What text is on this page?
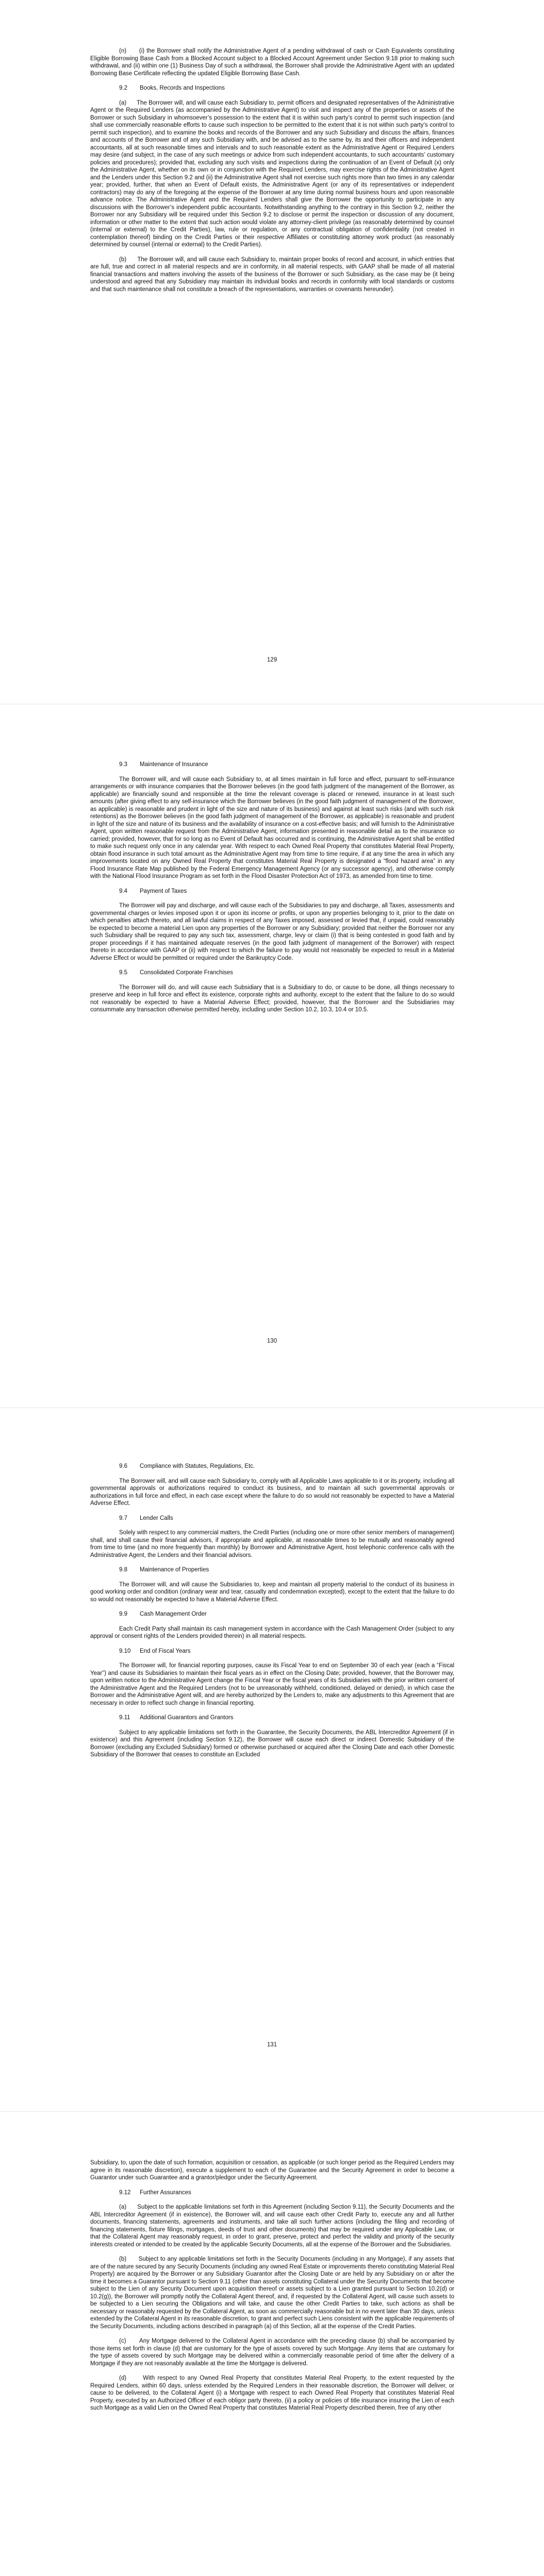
(n)      (i) the Borrower shall notify the Administrative Agent of a pending withdrawal of cash or Cash Equivalents constituting Eligible Borrowing Base Cash from a Blocked Account subject to a Blocked Account Agreement under Section 9.18 prior to making such withdrawal, and (ii) within one (1) Business Day of such a withdrawal, the Borrower shall provide the Administrative Agent with an updated Borrowing Base Certificate reflecting the updated Eligible Borrowing Base Cash.

9.2 Books, Records and Inspections

(a)      The Borrower will, and will cause each Subsidiary to, permit officers and designated representatives of the Administrative Agent or the Required Lenders (as accompanied by the Administrative Agent) to visit and inspect any of the properties or assets of the Borrower or such Subsidiary in whomsoever’s possession to the extent that it is within such party’s control to permit such inspection (and shall use commercially reasonable efforts to cause such inspection to be permitted to the extent that it is not within such party’s control to permit such inspection), and to examine the books and records of the Borrower and any such Subsidiary and discuss the affairs, finances and accounts of the Borrower and of any such Subsidiary with, and be advised as to the same by, its and their officers and independent accountants, all at such reasonable times and intervals and to such reasonable extent as the Administrative Agent or Required Lenders may desire (and subject, in the case of any such meetings or advice from such independent accountants, to such accountants’ customary policies and procedures); provided that, excluding any such visits and inspections during the continuation of an Event of Default (x) only the Administrative Agent, whether on its own or in conjunction with the Required Lenders, may exercise rights of the Administrative Agent and the Lenders under this Section 9.2 and (ii) the Administrative Agent shall not exercise such rights more than two times in any calendar year; provided, further, that when an Event of Default exists, the Administrative Agent (or any of its representatives or independent contractors) may do any of the foregoing at the expense of the Borrower at any time during normal business hours and upon reasonable advance notice. The Administrative Agent and the Required Lenders shall give the Borrower the opportunity to participate in any discussions with the Borrower’s independent public accountants. Notwithstanding anything to the contrary in this Section 9.2, neither the Borrower nor any Subsidiary will be required under this Section 9.2 to disclose or permit the inspection or discussion of any document, information or other matter to the extent that such action would violate any attorney-client privilege (as reasonably determined by counsel (internal or external) to the Credit Parties), law, rule or regulation, or any contractual obligation of confidentiality (not created in contemplation thereof) binding on the Credit Parties or their respective Affiliates or constituting attorney work product (as reasonably determined by counsel (internal or external) to the Credit Parties).

(b)      The Borrower will, and will cause each Subsidiary to, maintain proper books of record and account, in which entries that are full, true and correct in all material respects and are in conformity, in all material respects, with GAAP shall be made of all material financial transactions and matters involving the assets of the business of the Borrower or such Subsidiary, as the case may be (it being understood and agreed that any Subsidiary may maintain its individual books and records in conformity with local standards or customs and that such maintenance shall not constitute a breach of the representations, warranties or covenants hereunder).

129
9.3 Maintenance of Insurance

The Borrower will, and will cause each Subsidiary to, at all times maintain in full force and effect, pursuant to self-insurance arrangements or with insurance companies that the Borrower believes (in the good faith judgment of the management of the Borrower, as applicable) are financially sound and responsible at the time the relevant coverage is placed or renewed, insurance in at least such amounts (after giving effect to any self-insurance which the Borrower believes (in the good faith judgment of management of the Borrower, as applicable) is reasonable and prudent in light of the size and nature of its business) and against at least such risks (and with such risk retentions) as the Borrower believes (in the good faith judgment of management of the Borrower, as applicable) is reasonable and prudent in light of the size and nature of its business and the availability of insurance on a cost-effective basis; and will furnish to the Administrative Agent, upon written reasonable request from the Administrative Agent, information presented in reasonable detail as to the insurance so carried; provided, however, that for so long as no Event of Default has occurred and is continuing, the Administrative Agent shall be entitled to make such request only once in any calendar year. With respect to each Owned Real Property that constitutes Material Real Property, obtain flood insurance in such total amount as the Administrative Agent may from time to time require, if at any time the area in which any improvements located on any Owned Real Property that constitutes Material Real Property is designated a “flood hazard area” in any Flood Insurance Rate Map published by the Federal Emergency Management Agency (or any successor agency), and otherwise comply with the National Flood Insurance Program as set forth in the Flood Disaster Protection Act of 1973, as amended from time to time.

9.4 Payment of Taxes

The Borrower will pay and discharge, and will cause each of the Subsidiaries to pay and discharge, all Taxes, assessments and governmental charges or levies imposed upon it or upon its income or profits, or upon any properties belonging to it, prior to the date on which penalties attach thereto, and all lawful claims in respect of any Taxes imposed, assessed or levied that, if unpaid, could reasonably be expected to become a material Lien upon any properties of the Borrower or any Subsidiary; provided that neither the Borrower nor any such Subsidiary shall be required to pay any such tax, assessment, charge, levy or claim (i) that is being contested in good faith and by proper proceedings if it has maintained adequate reserves (in the good faith judgment of management of the Borrower) with respect thereto in accordance with GAAP or (ii) with respect to which the failure to pay would not reasonably be expected to result in a Material Adverse Effect or would be permitted or required under the Bankruptcy Code.

9.5 Consolidated Corporate Franchises

The Borrower will do, and will cause each Subsidiary that is a Subsidiary to do, or cause to be done, all things necessary to preserve and keep in full force and effect its existence, corporate rights and authority, except to the extent that the failure to do so would not reasonably be expected to have a Material Adverse Effect; provided, however, that the Borrower and the Subsidiaries may consummate any transaction otherwise permitted hereby, including under Section 10.2, 10.3, 10.4 or 10.5.

130
9.6 Compliance with Statutes, Regulations, Etc.

The Borrower will, and will cause each Subsidiary to, comply with all Applicable Laws applicable to it or its property, including all governmental approvals or authorizations required to conduct its business, and to maintain all such governmental approvals or authorizations in full force and effect, in each case except where the failure to do so would not reasonably be expected to have a Material Adverse Effect.

9.7 Lender Calls

Solely with respect to any commercial matters, the Credit Parties (including one or more other senior members of management) shall, and shall cause their financial advisors, if appropriate and applicable, at reasonable times to be mutually and reasonably agreed from time to time (and no more frequently than monthly) by Borrower and Administrative Agent, host telephonic conference calls with the Administrative Agent, the Lenders and their financial advisors.

9.8 Maintenance of Properties

The Borrower will, and will cause the Subsidiaries to, keep and maintain all property material to the conduct of its business in good working order and condition (ordinary wear and tear, casualty and condemnation excepted), except to the extent that the failure to do so would not reasonably be expected to have a Material Adverse Effect.

9.9 Cash Management Order

Each Credit Party shall maintain its cash management system in accordance with the Cash Management Order (subject to any approval or consent rights of the Lenders provided therein) in all material respects.

9.10 End of Fiscal Years

The Borrower will, for financial reporting purposes, cause its Fiscal Year to end on September 30 of each year (each a “Fiscal Year”) and cause its Subsidiaries to maintain their fiscal years as in effect on the Closing Date; provided, however, that the Borrower may, upon written notice to the Administrative Agent change the Fiscal Year or the fiscal years of its Subsidiaries with the prior written consent of the Administrative Agent and the Required Lenders (not to be unreasonably withheld, conditioned, delayed or denied), in which case the Borrower and the Administrative Agent will, and are hereby authorized by the Lenders to, make any adjustments to this Agreement that are necessary in order to reflect such change in financial reporting.

9.11 Additional Guarantors and Grantors

Subject to any applicable limitations set forth in the Guarantee, the Security Documents, the ABL Intercreditor Agreement (if in existence) and this Agreement (including Section 9.12), the Borrower will cause each direct or indirect Domestic Subsidiary of the Borrower (excluding any Excluded Subsidiary) formed or otherwise purchased or acquired after the Closing Date and each other Domestic Subsidiary of the Borrower that ceases to constitute an Excluded

131

Subsidiary, to, upon the date of such formation, acquisition or cessation, as applicable (or such longer period as the Required Lenders may agree in its reasonable discretion), execute a supplement to each of the Guarantee and the Security Agreement in order to become a Guarantor under such Guarantee and a grantor/pledgor under the Security Agreement.

9.12 Further Assurances

(a)      Subject to the applicable limitations set forth in this Agreement (including Section 9.11), the Security Documents and the ABL Intercreditor Agreement (if in existence), the Borrower will, and will cause each other Credit Party to, execute any and all further documents, financing statements, agreements and instruments, and take all such further actions (including the filing and recording of financing statements, fixture filings, mortgages, deeds of trust and other documents) that may be required under any Applicable Law, or that the Collateral Agent may reasonably request, in order to grant, preserve, protect and perfect the validity and priority of the security interests created or intended to be created by the applicable Security Documents, all at the expense of the Borrower and the Subsidiaries.

(b)      Subject to any applicable limitations set forth in the Security Documents (including in any Mortgage), if any assets that are of the nature secured by any Security Documents (including any owned Real Estate or improvements thereto constituting Material Real Property) are acquired by the Borrower or any Subsidiary Guarantor after the Closing Date or are held by any Subsidiary on or after the time it becomes a Guarantor pursuant to Section 9.11 (other than assets constituting Collateral under the Security Documents that become subject to the Lien of any Security Document upon acquisition thereof or assets subject to a Lien granted pursuant to Section 10.2(d) or 10.2(g)), the Borrower will promptly notify the Collateral Agent thereof, and, if requested by the Collateral Agent, will cause such assets to be subjected to a Lien securing the Obligations and will take, and cause the other Credit Parties to take, such actions as shall be necessary or reasonably requested by the Collateral Agent, as soon as commercially reasonable but in no event later than 30 days, unless extended by the Collateral Agent in its reasonable discretion, to grant and perfect such Liens consistent with the applicable requirements of the Security Documents, including actions described in paragraph (a) of this Section, all at the expense of the Credit Parties.

(c)      Any Mortgage delivered to the Collateral Agent in accordance with the preceding clause (b) shall be accompanied by those items set forth in clause (d) that are customary for the type of assets covered by such Mortgage. Any items that are customary for the type of assets covered by such Mortgage may be delivered within a commercially reasonable period of time after the delivery of a Mortgage if they are not reasonably available at the time the Mortgage is delivered.

(d)      With respect to any Owned Real Property that constitutes Material Real Property, to the extent requested by the Required Lenders, within 60 days, unless extended by the Required Lenders in their reasonable discretion, the Borrower will deliver, or cause to be delivered, to the Collateral Agent (i) a Mortgage with respect to each Owned Real Property that constitutes Material Real Property, executed by an Authorized Officer of each obligor party thereto, (ii) a policy or policies of title insurance insuring the Lien of each such Mortgage as a valid Lien on the Owned Real Property that constitutes Material Real Property described therein, free of any other
